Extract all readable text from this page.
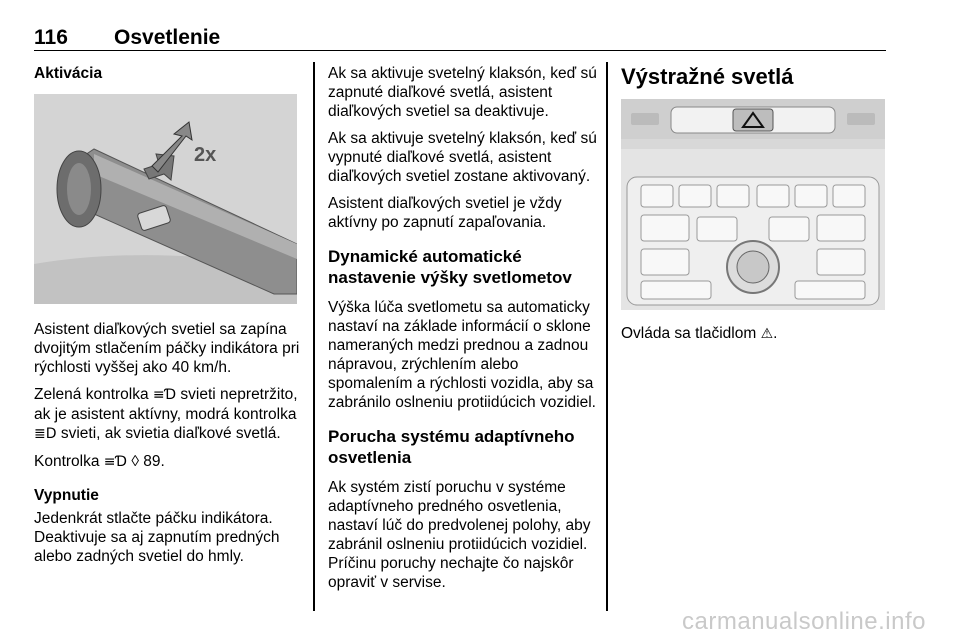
116 Osvetlenie
Aktivácia
2x

Asistent diaľkových svetiel sa zapína dvojitým stlačením páčky indikátora pri rýchlosti vyššej ako 40 km/h.

Zelená kontrolka ≡Ɗ svieti nepretržito, ak je asistent aktívny, modrá kontrolka ≣D svieti, ak svietia diaľkové svetlá.

Kontrolka ≡Ɗ ◊ 89.

Vypnutie

Jedenkrát stlačte páčku indikátora. Deaktivuje sa aj zapnutím predných alebo zadných svetiel do hmly.

Ak sa aktivuje svetelný klaksón, keď sú zapnuté diaľkové svetlá, asistent diaľkových svetiel sa deaktivuje.

Ak sa aktivuje svetelný klaksón, keď sú vypnuté diaľkové svetlá, asistent diaľkových svetiel zostane aktivovaný.

Asistent diaľkových svetiel je vždy aktívny po zapnutí zapaľovania.

Dynamické automatické nastavenie výšky svetlometov

Výška lúča svetlometu sa automaticky nastaví na základe informácií o sklone nameraných medzi prednou a zadnou nápravou, zrýchlením alebo spomalením a rýchlosti vozidla, aby sa zabránilo oslneniu protiidúcich vozidiel.

Porucha systému adaptívneho osvetlenia

Ak systém zistí poruchu v systéme adaptívneho predného osvetlenia, nastaví lúč do predvolenej polohy, aby zabránil oslneniu protiidúcich vozidiel. Príčinu poruchy nechajte čo najskôr opraviť v servise.

Výstražné svetlá

Ovláda sa tlačidlom ⚠.

carmanualsonline.info
